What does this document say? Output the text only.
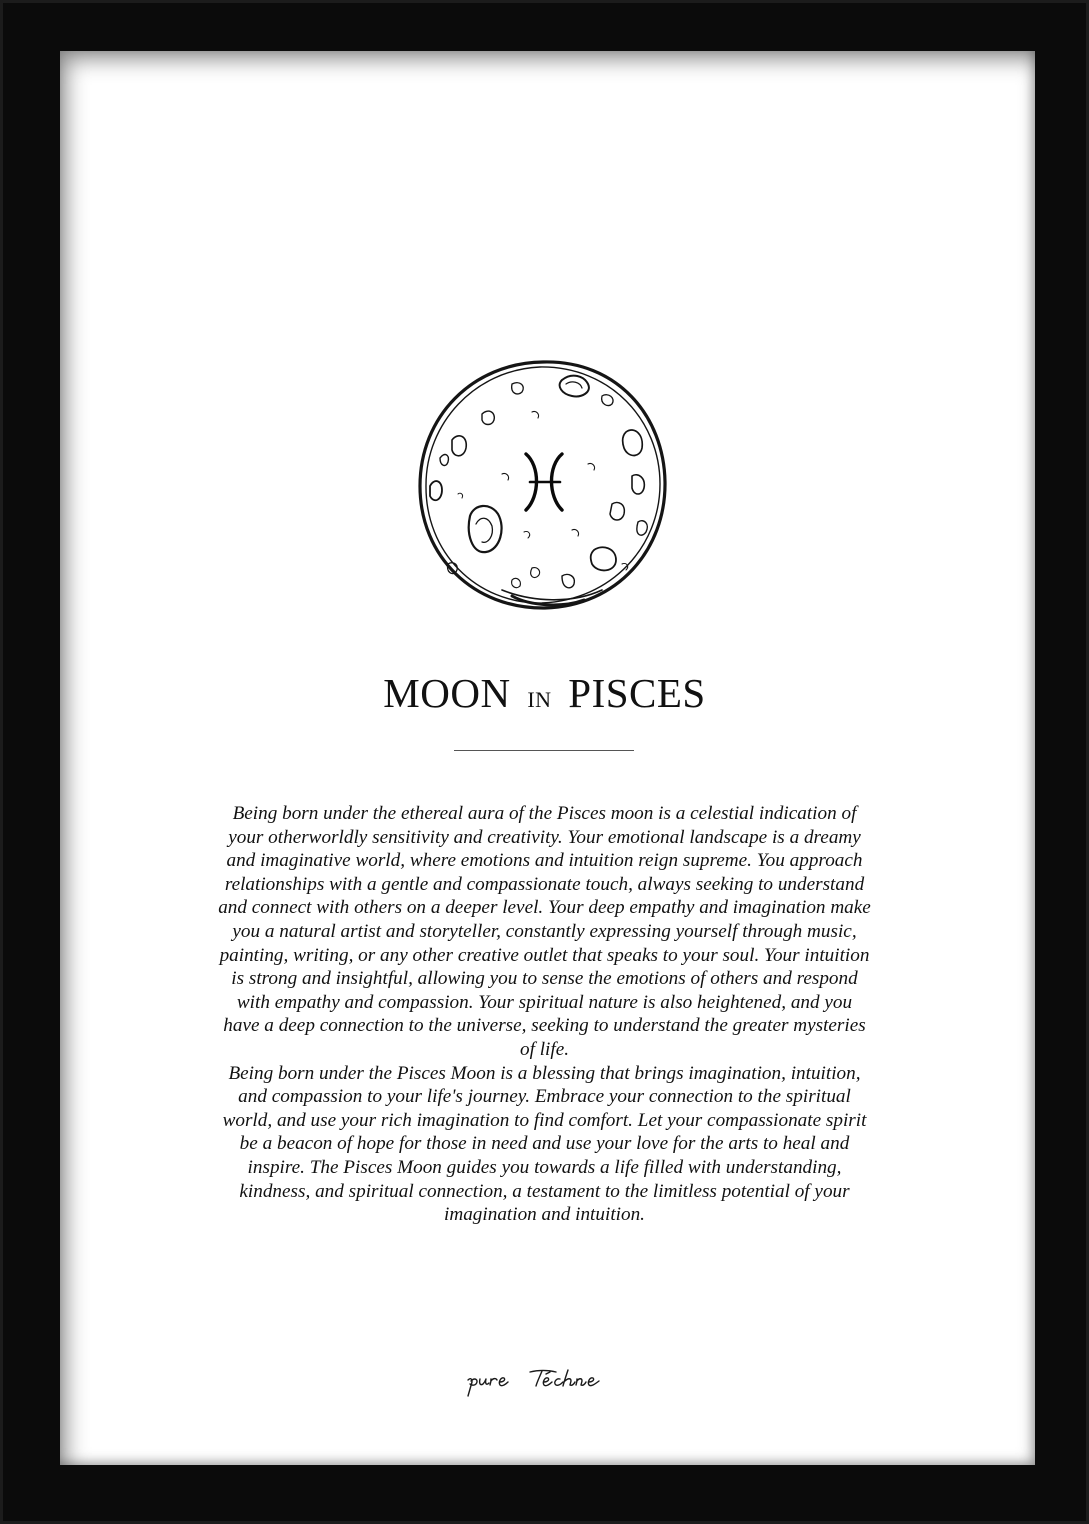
MOON IN PISCES

Being born under the ethereal aura of the Pisces moon is a celestial indication of your otherworldly sensitivity and creativity. Your emotional landscape is a dreamy and imaginative world, where emotions and intuition reign supreme. You approach relationships with a gentle and compassionate touch, always seeking to understand and connect with others on a deeper level. Your deep empathy and imagination make you a natural artist and storyteller, constantly expressing yourself through music, painting, writing, or any other creative outlet that speaks to your soul. Your intuition is strong and insightful, allowing you to sense the emotions of others and respond with empathy and compassion. Your spiritual nature is also heightened, and you have a deep connection to the universe, seeking to understand the greater mysteries of life.

Being born under the Pisces Moon is a blessing that brings imagination, intuition, and compassion to your life's journey. Embrace your connection to the spiritual world, and use your rich imagination to find comfort. Let your compassionate spirit be a beacon of hope for those in need and use your love for the arts to heal and inspire. The Pisces Moon guides you towards a life filled with understanding, kindness, and spiritual connection, a testament to the limitless potential of your imagination and intuition.
